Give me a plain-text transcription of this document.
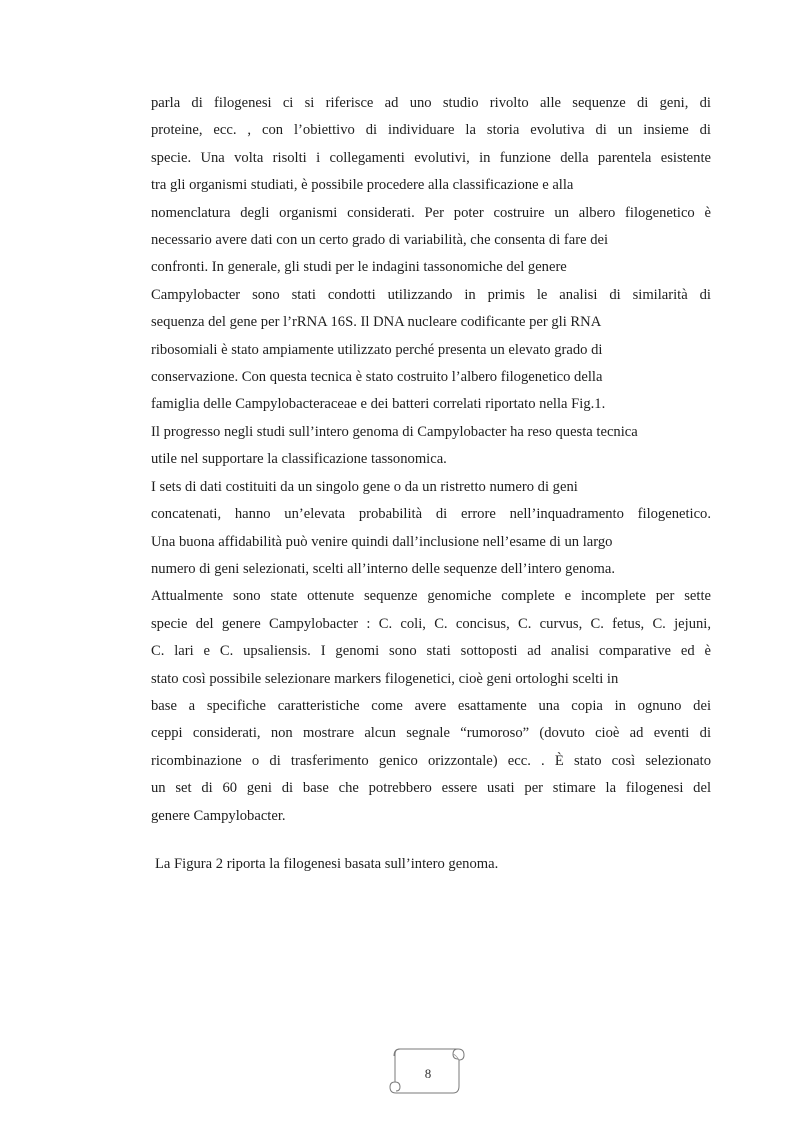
parla di filogenesi ci si riferisce ad uno studio rivolto alle sequenze di geni, di
proteine, ecc. , con l’obiettivo di individuare la storia evolutiva di un insieme di
specie. Una volta risolti i collegamenti evolutivi, in funzione della parentela esistente
tra gli organismi studiati, è possibile procedere alla classificazione e alla
nomenclatura degli organismi considerati. Per poter costruire un albero filogenetico è
necessario avere dati con un certo grado di variabilità, che consenta di fare dei
confronti. In generale, gli studi per le indagini tassonomiche del genere
Campylobacter sono stati condotti utilizzando in primis le analisi di similarità di
sequenza del gene per l’rRNA 16S. Il DNA nucleare codificante per gli RNA
ribosomiali è stato ampiamente utilizzato perché presenta un elevato grado di
conservazione. Con questa tecnica è stato costruito l’albero filogenetico della
famiglia delle Campylobacteraceae e dei batteri correlati riportato nella Fig.1.
Il progresso negli studi sull’intero genoma di Campylobacter ha reso questa tecnica
utile nel supportare la classificazione tassonomica.
I sets di dati costituiti da un singolo gene o da un ristretto numero di geni
concatenati, hanno un’elevata probabilità di errore nell’inquadramento filogenetico.
Una buona affidabilità può venire quindi dall’inclusione nell’esame di un largo
numero di geni selezionati, scelti all’interno delle sequenze dell’intero genoma.
Attualmente sono state ottenute sequenze genomiche complete e incomplete per sette
specie del genere Campylobacter : C. coli, C. concisus, C. curvus, C. fetus, C. jejuni,
C. lari e C. upsaliensis. I genomi sono stati sottoposti ad analisi comparative ed è
stato così possibile selezionare markers filogenetici, cioè geni ortologhi scelti in
base a specifiche caratteristiche come avere esattamente una copia in ognuno dei
ceppi considerati, non mostrare alcun segnale “rumoroso” (dovuto cioè ad eventi di
ricombinazione o di trasferimento genico orizzontale) ecc. . È stato così selezionato
un set di 60 geni di base che potrebbero essere usati per stimare la filogenesi del
genere Campylobacter.
La Figura 2 riporta la filogenesi basata sull’intero genoma.
8
